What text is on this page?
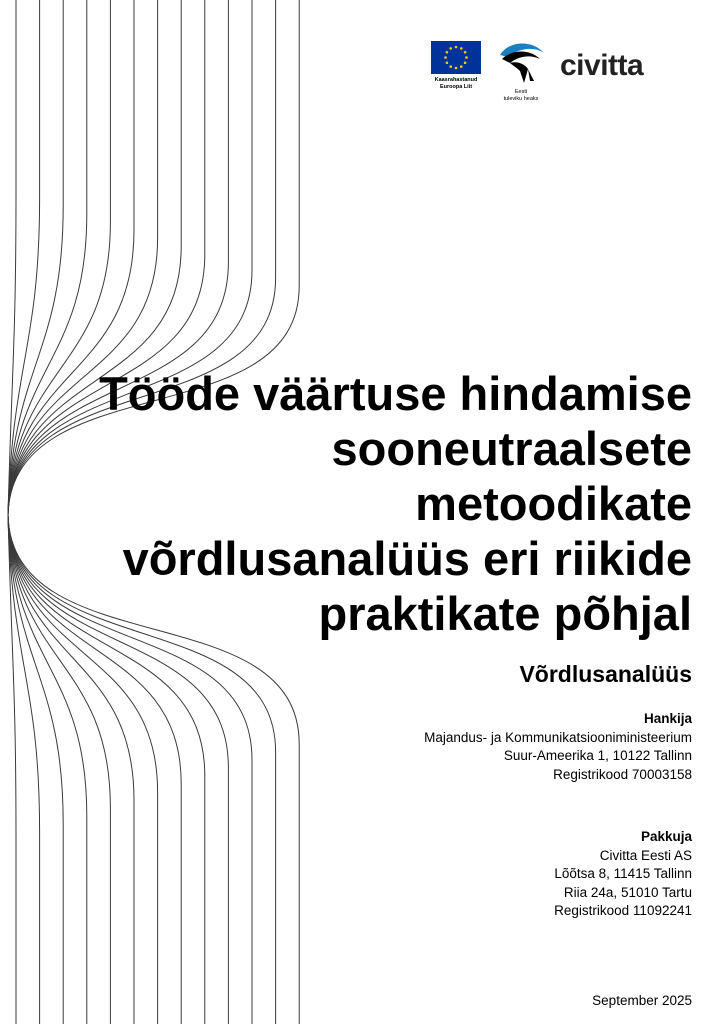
Kaasrahastanud
Euroopa Liit
Eesti
tuleviku heaks
civitta
Tööde väärtuse hindamise
sooneutraalsete
metoodikate
võrdlusanalüüs eri riikide
praktikate põhjal
Võrdlusanalüüs
Hankija
Majandus- ja Kommunikatsiooniministeerium
Suur-Ameerika 1, 10122 Tallinn
Registrikood 70003158
Pakkuja
Civitta Eesti AS
Lõõtsa 8, 11415 Tallinn
Riia 24a, 51010 Tartu
Registrikood 11092241
September 2025
